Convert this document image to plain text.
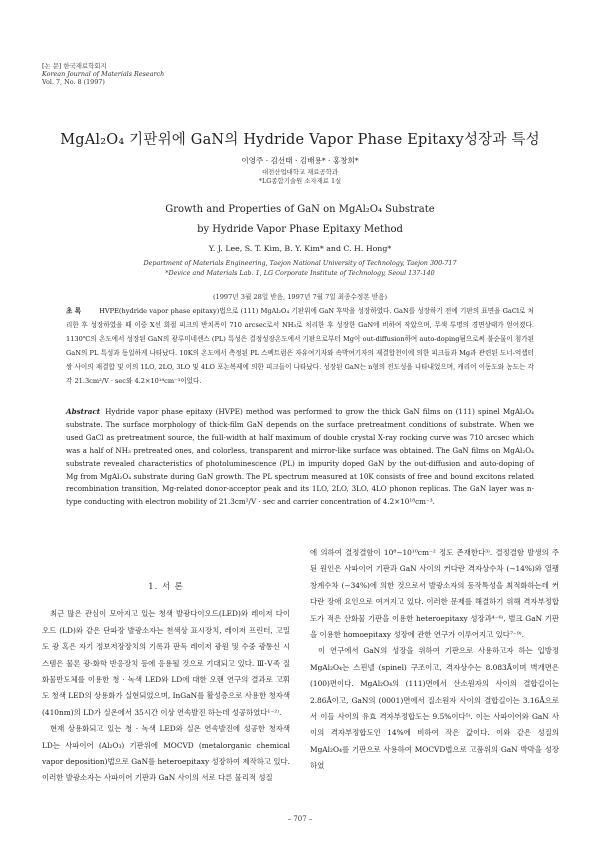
[논 문] 한국재료학회지
Korean Journal of Materials Research
Vol. 7, No. 8 (1997)
MgAl₂O₄ 기판위에 GaN의 Hydride Vapor Phase Epitaxy성장과 특성
이영주 · 김선태 · 김배용* · 홍창희*
대전산업대학교 재료공학과
*LG종합기술원 소자재료 1실
Growth and Properties of GaN on MgAl₂O₄ Substrate
by Hydride Vapor Phase Epitaxy Method
Y. J. Lee, S. T. Kim, B. Y. Kim* and C. H. Hong*
Department of Materials Engineering, Taejon National University of Technology, Taejon 300-717
*Device and Materials Lab. 1, LG Corporate Institute of Technology, Seoul 137-140
(1997년 3월 28일 받음, 1997년 7월 7일 최종수정본 받음)
초 록	HVPE(hydride vapor phase epitaxy)법으로 (111) MgAl₂O₄ 기판위에 GaN 후막을 성장하였다. GaN를 성장하기 전에 기판의 표면을 GaCl로 처리한 후 성장하였을 때 이중 X선 회절 피크의 반치폭이 710 arcsec로서 NH₃로 처리한 후 성장한 GaN에 비하여 작았으며, 무색 투명의 경면상태가 얻어졌다. 1130℃의 온도에서 성장된 GaN의 광루미네센스 (PL) 특성은 결정성장온도에서 기판으로부터 Mg이 out-diffusion하여 auto-doping됨으로써 불순물이 첨가된 GaN의 PL 특성과 동일하게 나타났다. 10K의 온도에서 측정된 PL 스펙트럼은 자유여기자와 속박여기자의 재결합천이에 의한 피크들과 Mg과 관련된 도너-억셉터 쌍 사이의 재결합 및 이의 1LO, 2LO, 3LO 및 4LO 포논복제에 의한 피크들이 나타났다. 성장된 GaN는 n형의 전도성을 나타내었으며, 캐리어 이동도와 농도는 각각 21.3cm²/V · sec와 4.2×10¹⁸cm⁻³이었다.
Abstract Hydride vapor phase epitaxy (HVPE) method was performed to grow the thick GaN films on (111) spinel MgAl₂O₄ substrate. The surface morphology of thick-film GaN depends on the surface pretreatment conditions of substrate. When we used GaCl as pretreatment source, the full-width at half maximum of double crystal X-ray rocking curve was 710 arcsec which was a half of NH₃ pretreated ones, and colorless, transparent and mirror-like surface was obtained. The GaN films on MgAl₂O₄ substrate revealed characteristics of photoluminescence (PL) in impurity doped GaN by the out-diffusion and auto-doping of Mg from MgAl₂O₄ substrate during GaN growth. The PL spectrum measured at 10K consists of free and bound excitons related recombination transition, Mg-related donor-acceptor peak and its 1LO, 2LO, 3LO, 4LO phonon replicas. The GaN layer was n-type conducting with electron mobility of 21.3cm²/V · sec and carrier concentration of 4.2×10¹⁸cm⁻³.
1. 서 론

최근 많은 관심이 모아지고 있는 청색 발광다이오드(LED)와 레이저 다이오드 (LD)와 같은 단파장 발광소자는 천색상 표시장치, 레이저 프린터, 고밀도 광 혹은 자기 정보저장장치의 기록과 판독 레이저 광원 및 수중 광통신 시스템은 물론 광-화학 반응장치 등에 응용될 것으로 기대되고 있다. Ⅲ-Ⅴ족 질화물반도체를 이용한 청 · 녹색 LED와 LD에 대한 오랜 연구의 결과로 고휘도 청색 LED의 상용화가 실현되었으며, InGaN를 활성층으로 사용한 청자색(410nm)의 LD가 실온에서 35시간 이상 연속발진 하는데 성공하였다¹⁻²⁾.

현재 상용화되고 있는 청 · 녹색 LED와 실온 연속발진에 성공한 청자색 LD는 사파이어 (Al₂O₃) 기판위에 MOCVD (metalorganic chemical vapor deposition)법으로 GaN를 heteroepitaxy 성장하여 제작하고 있다. 이러한 발광소자는 사파이어 기판과 GaN 사이의 서로 다른 물리적 성질

에 의하여 결정결함이 10⁸∼10¹⁰cm⁻² 정도 존재한다³⁾. 결정결함 발생의 주된 원인은 사파이어 기판과 GaN 사이의 커다란 격자상수차 (∼14%)와 열팽창계수차 (∼34%)에 의한 것으로서 발광소자의 동작특성을 최적화하는데 커다란 장애 요인으로 여겨지고 있다. 이러한 문제를 해결하기 위해 격자부정합도가 적은 산화물 기판을 이용한 heteroepitaxy 성장과⁴⁻⁶⁾, 벌크 GaN 기판을 이용한 homoepitaxy 성장에 관한 연구가 이루어지고 있다⁷⁻⁹⁾.

이 연구에서 GaN의 성장을 위하여 기판으로 사용하고자 하는 입방정 MgAl₂O₄는 스핀넬 (spinel) 구조이고, 격자상수는 8.083Å이며 벽개면은 (100)면이다. MgAl₂O₄의 (111)면에서 산소원자의 사이의 결합길이는 2.86Å이고, GaN의 (0001)면에서 질소원자 사이의 결합길이는 3.16Å으로서 이들 사이의 유효 격자부정합도는 9.5%이다⁵⁾. 이는 사파이어와 GaN 사이의 격자부정합도인 14%에 비하여 작은 값이다. 이와 같은 성질의 MgAl₂O₄를 기판으로 사용하여 MOCVD법으로 고품위의 GaN 박막을 성장하였

– 707 –
